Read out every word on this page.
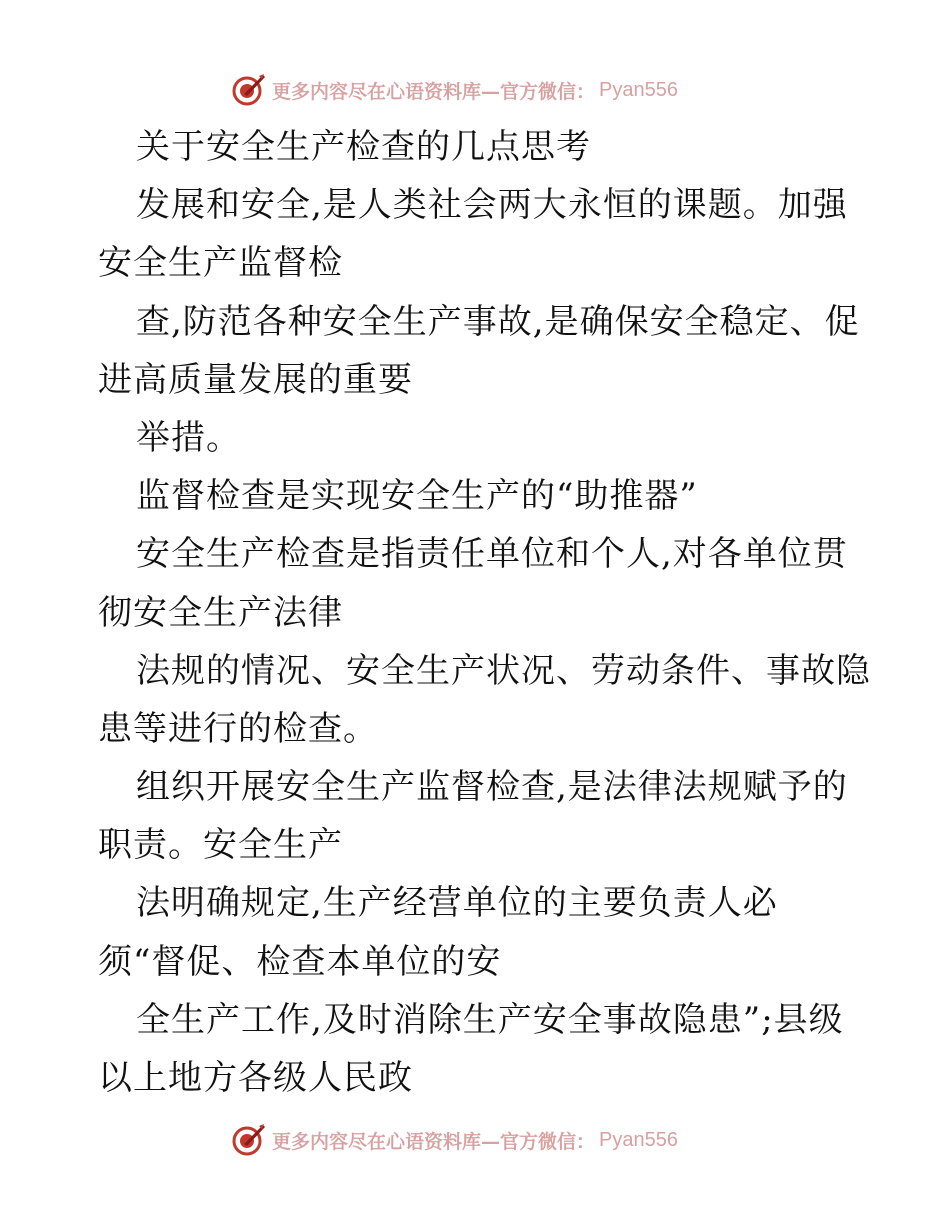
更多内容尽在心语资料库—官方微信： Pyan556
关于安全生产检查的几点思考
发展和安全,是人类社会两大永恒的课题。加强
安全生产监督检
查,防范各种安全生产事故,是确保安全稳定、促
进高质量发展的重要
举措。
监督检查是实现安全生产的“助推器”
安全生产检查是指责任单位和个人,对各单位贯
彻安全生产法律
法规的情况、安全生产状况、劳动条件、事故隐
患等进行的检查。
组织开展安全生产监督检查,是法律法规赋予的
职责。安全生产
法明确规定,生产经营单位的主要负责人必
须“督促、检查本单位的安
全生产工作,及时消除生产安全事故隐患”;县级
以上地方各级人民政
更多内容尽在心语资料库—官方微信： Pyan556
